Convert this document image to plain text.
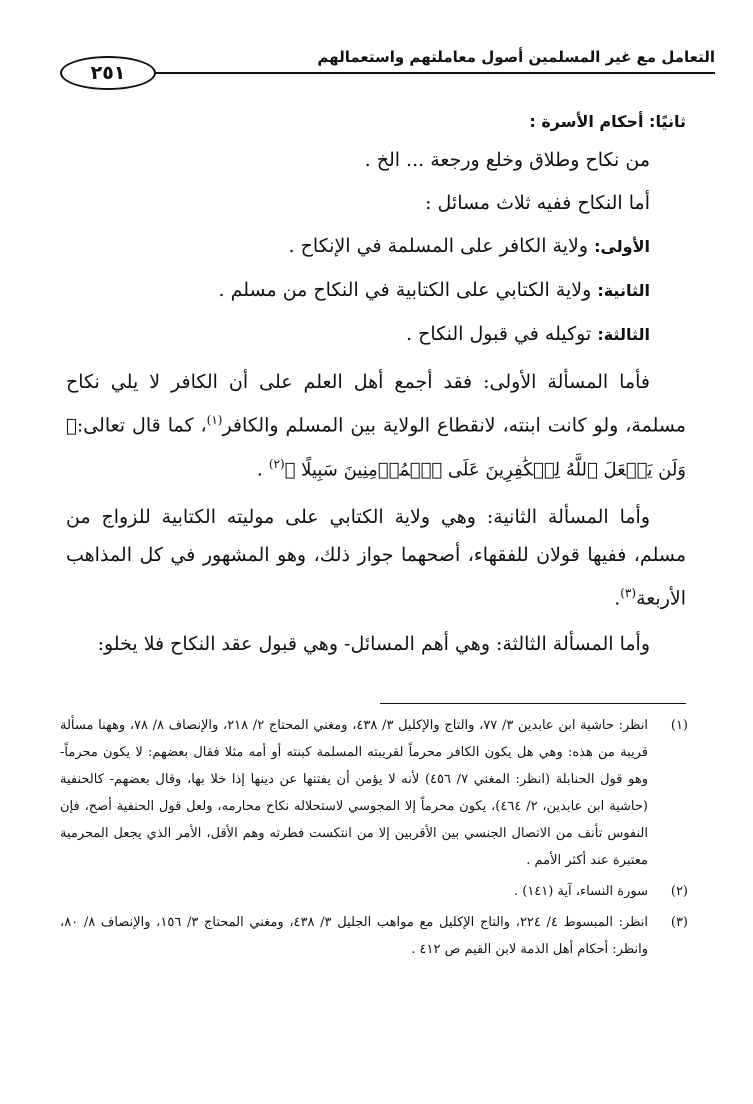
التعامل مع غير المسلمين أصول معاملتهم واستعمالهم
٢٥١
ثانيًا: أحكام الأسرة :
من نكاح وطلاق وخلع ورجعة ... الخ .
أما النكاح ففيه ثلاث مسائل :
الأولى: ولاية الكافر على المسلمة في الإنكاح .
الثانية: ولاية الكتابي على الكتابية في النكاح من مسلم .
الثالثة: توكيله في قبول النكاح .

فأما المسألة الأولى: فقد أجمع أهل العلم على أن الكافر لا يلي نكاح مسلمة، ولو كانت ابنته، لانقطاع الولاية بين المسلم والكافر$^{(١)}$، كما قال تعالى:﴿ وَلَن يَجۡعَلَ ٱللَّهُ لِلۡكَٰفِرِينَ عَلَى ٱلۡمُؤۡمِنِينَ سَبِيلًا ﴾$^{(٢)}$ .

وأما المسألة الثانية: وهي ولاية الكتابي على موليته الكتابية للزواج من مسلم، ففيها قولان للفقهاء، أصحهما جواز ذلك، وهو المشهور في كل المذاهب الأربعة$^{(٣)}$.

وأما المسألة الثالثة: وهي أهم المسائل- وهي قبول عقد النكاح فلا يخلو:

(١)
انظر: حاشية ابن عابدين ٣/ ٧٧، والتاج والإكليل ٣/ ٤٣٨، ومغني المحتاج ٢/ ٢١٨، والإنصاف ٨/ ٧٨، وههنا مسألة قريبة من هذه: وهي هل يكون الكافر محرماً لقريبته المسلمة كبنته أو أمه مثلا فقال بعضهم: لا يكون محرماً- وهو قول الحنابلة (انظر: المغني ٧/ ٤٥٦) لأنه لا يؤمن أن يفتنها عن دينها إذا خلا بها، وقال بعضهم- كالحنفية (حاشية ابن عابدين، ٢/ ٤٦٤)، يكون محرماً إلا المجوسي لاستحلاله نكاح محارمه، ولعل قول الحنفية أصح، فإن النفوس تأنف من الاتصال الجنسي بين الأقربين إلا من انتكست فطرته وهم الأقل، الأمر الذي يجعل المحرمية معتبرة عند أكثر الأمم .
(٢)
سورة النساء، آية (١٤١) .
(٣)
انظر: المبسوط ٤/ ٢٢٤، والتاج الإكليل مع مواهب الجليل ٣/ ٤٣٨، ومغني المحتاج ٣/ ١٥٦، والإنصاف ٨/ ٨٠، وانظر: أحكام أهل الذمة لابن القيم ص ٤١٢ .
